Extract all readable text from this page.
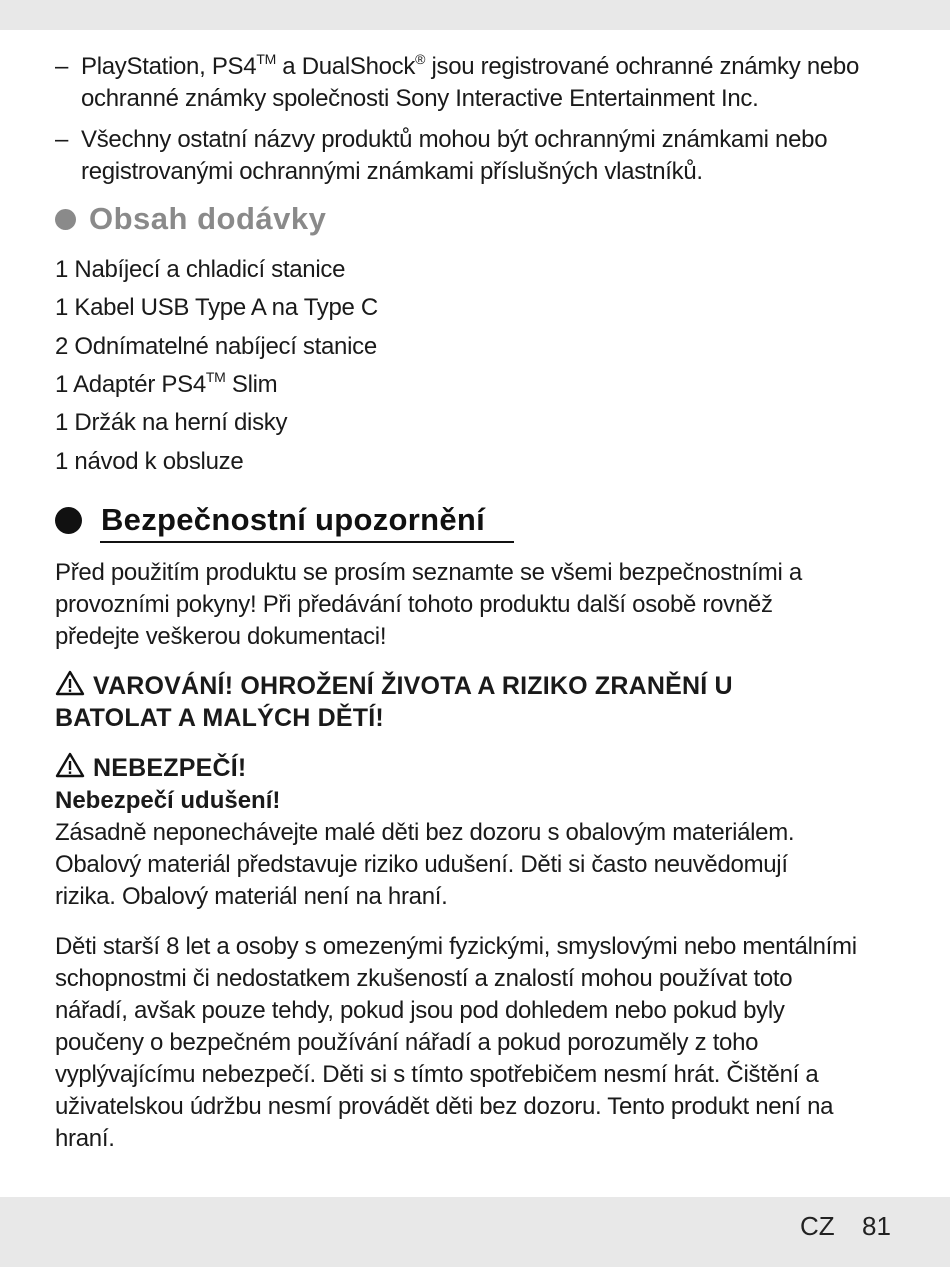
– PlayStation, PS4™ a DualShock® jsou registrované ochranné známky nebo
ochranné známky společnosti Sony Interactive Entertainment Inc.
– Všechny ostatní názvy produktů mohou být ochrannými známkami nebo
registrovanými ochrannými známkami příslušných vlastníků.
Obsah dodávky
1 Nabíjecí a chladicí stanice
1 Kabel USB Type A na Type C
2 Odnímatelné nabíjecí stanice
1 Adaptér PS4™ Slim
1 Držák na herní disky
1 návod k obsluze
Bezpečnostní upozornění
Před použitím produktu se prosím seznamte se všemi bezpečnostními a
provozními pokyny! Při předávání tohoto produktu další osobě rovněž
předejte veškerou dokumentaci!
VAROVÁNÍ! OHROŽENÍ ŽIVOTA A RIZIKO ZRANĚNÍ U
BATOLAT A MALÝCH DĚTÍ!
NEBEZPEČÍ!
Nebezpečí udušení!
Zásadně neponechávejte malé děti bez dozoru s obalovým materiálem.
Obalový materiál představuje riziko udušení. Děti si často neuvědomují
rizika. Obalový materiál není na hraní.
Děti starší 8 let a osoby s omezenými fyzickými, smyslovými nebo mentálními
schopnostmi či nedostatkem zkušeností a znalostí mohou používat toto
nářadí, avšak pouze tehdy, pokud jsou pod dohledem nebo pokud byly
poučeny o bezpečném používání nářadí a pokud porozuměly z toho
vyplývajícímu nebezpečí. Děti si s tímto spotřebičem nesmí hrát. Čištění a
uživatelskou údržbu nesmí provádět děti bez dozoru. Tento produkt není na
hraní.
CZ 81
